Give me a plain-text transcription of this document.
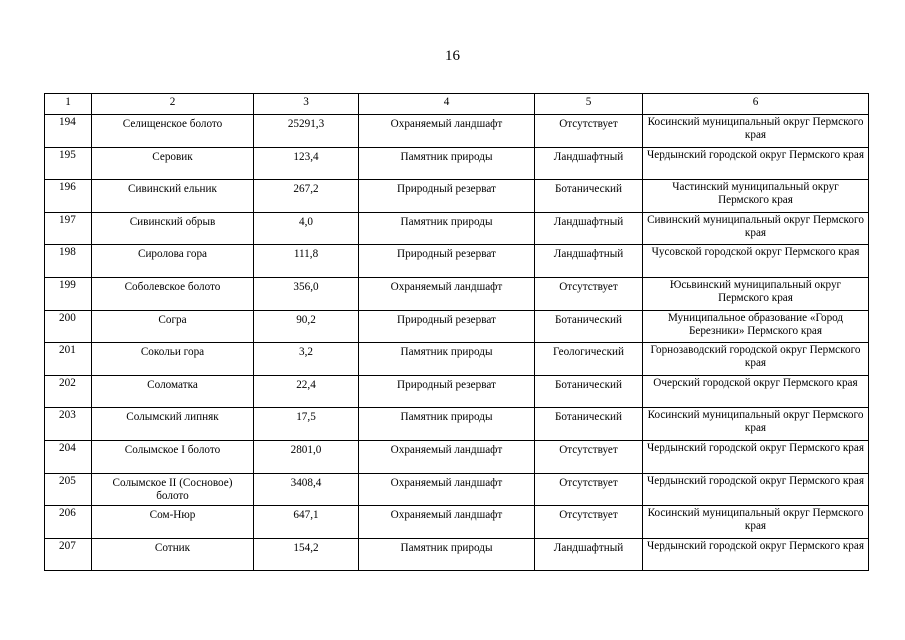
16
1	2	3	4	5	6
194	Селищенское болото	25291,3	Охраняемый ландшафт	Отсутствует	Косинский муниципальный округ Пермского края
195	Серовик	123,4	Памятник природы	Ландшафтный	Чердынский городской округ Пермского края
196	Сивинский ельник	267,2	Природный резерват	Ботанический	Частинский муниципальный округ Пермского края
197	Сивинский обрыв	4,0	Памятник природы	Ландшафтный	Сивинский муниципальный округ Пермского края
198	Сиролова гора	111,8	Природный резерват	Ландшафтный	Чусовской городской округ Пермского края
199	Соболевское болото	356,0	Охраняемый ландшафт	Отсутствует	Юсьвинский муниципальный округ Пермского края
200	Согра	90,2	Природный резерват	Ботанический	Муниципальное образование «Город Березники» Пермского края
201	Сокольи гора	3,2	Памятник природы	Геологический	Горнозаводский городской округ Пермского края
202	Соломатка	22,4	Природный резерват	Ботанический	Очерский городской округ Пермского края
203	Солымский липняк	17,5	Памятник природы	Ботанический	Косинский муниципальный округ Пермского края
204	Солымское I болото	2801,0	Охраняемый ландшафт	Отсутствует	Чердынский городской округ Пермского края
205	Солымское II (Сосновое) болото	3408,4	Охраняемый ландшафт	Отсутствует	Чердынский городской округ Пермского края
206	Сом-Нюр	647,1	Охраняемый ландшафт	Отсутствует	Косинский муниципальный округ Пермского края
207	Сотник	154,2	Памятник природы	Ландшафтный	Чердынский городской округ Пермского края
